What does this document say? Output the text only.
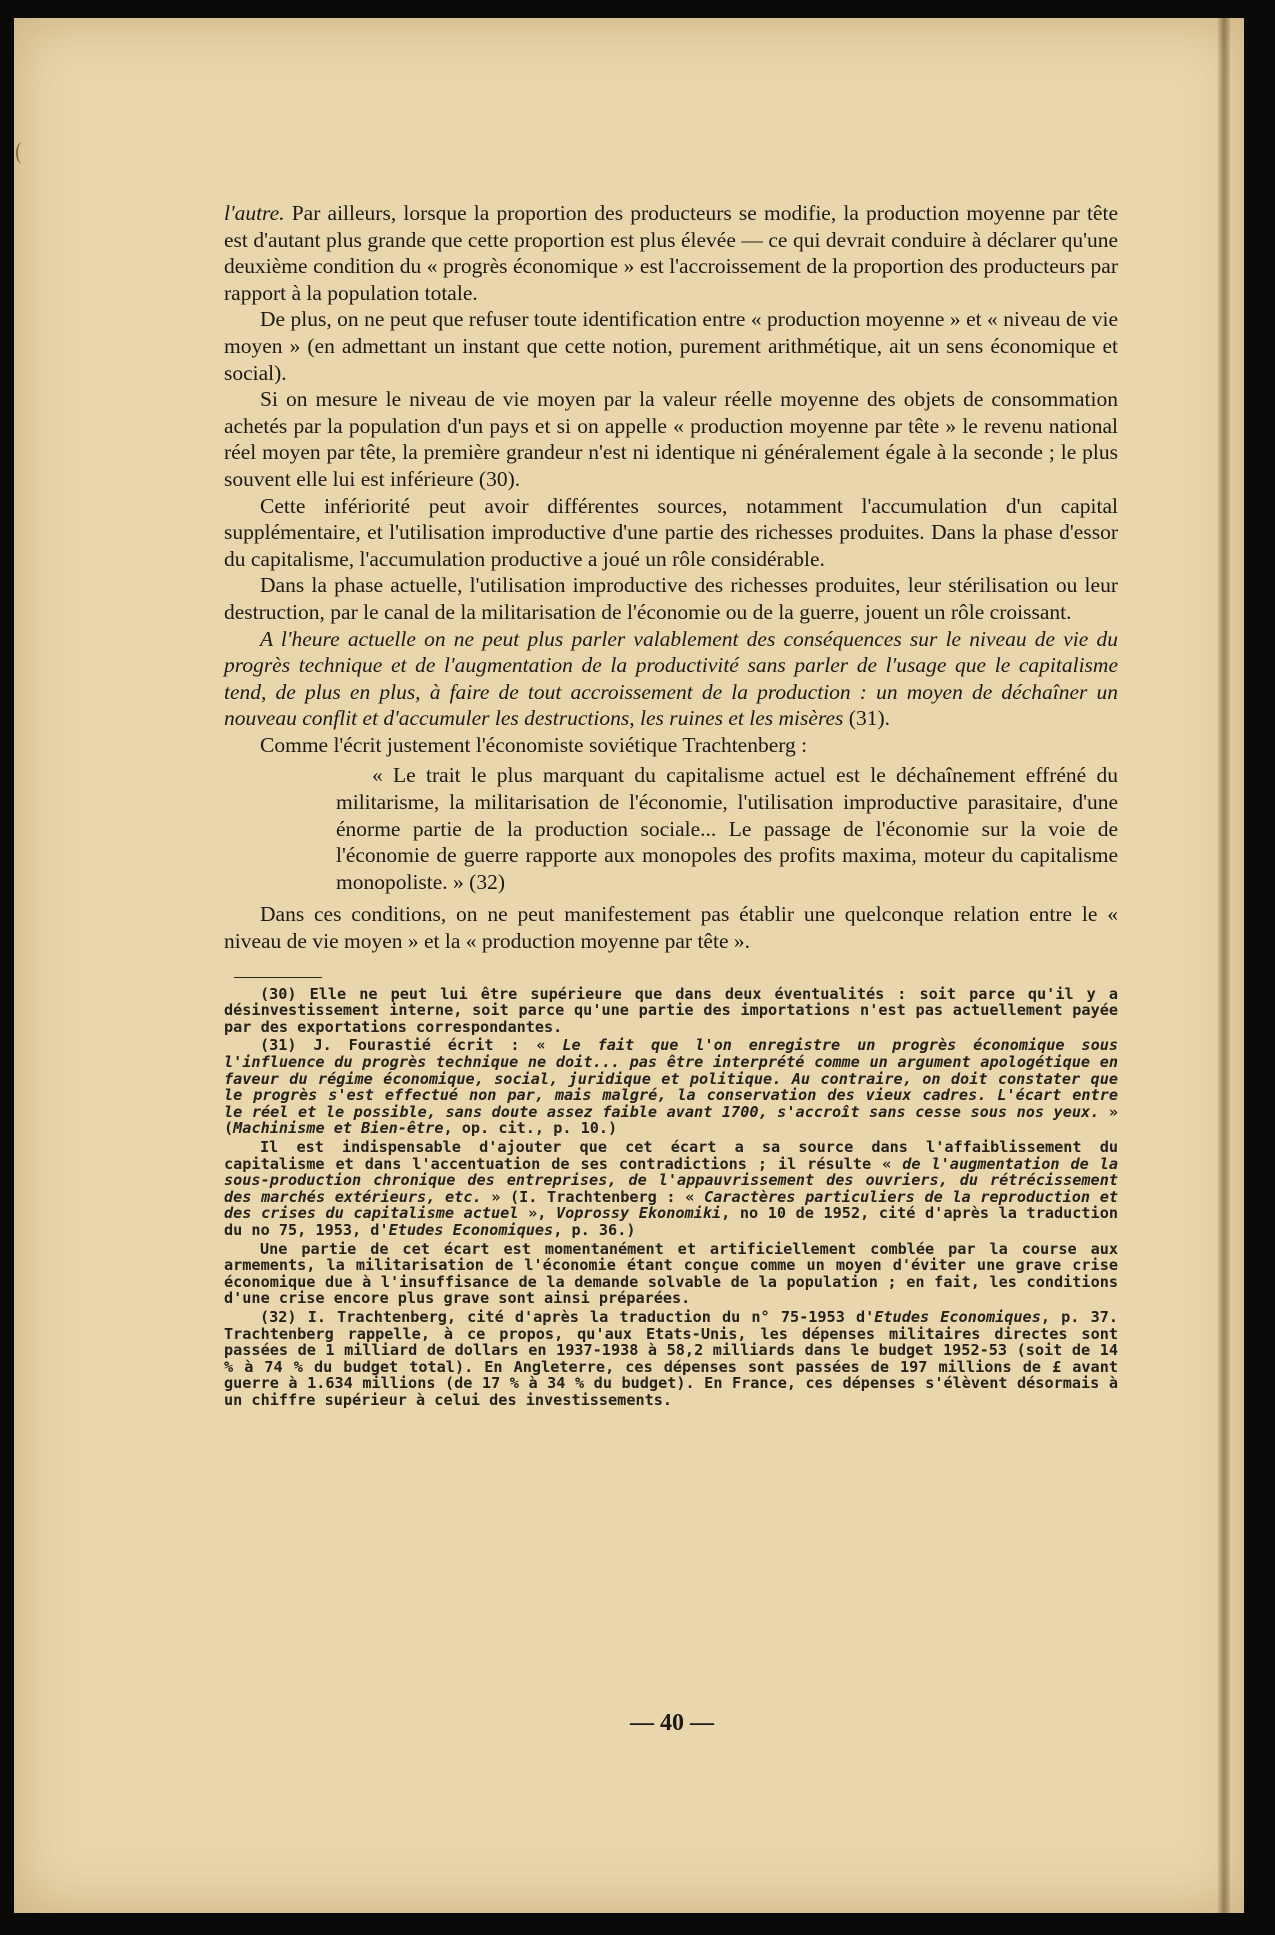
l'autre. Par ailleurs, lorsque la proportion des producteurs se modifie, la production moyenne par tête est d'autant plus grande que cette proportion est plus élevée — ce qui devrait conduire à déclarer qu'une deuxième condition du « progrès économique » est l'accroissement de la proportion des producteurs par rapport à la population totale.

De plus, on ne peut que refuser toute identification entre « production moyenne » et « niveau de vie moyen » (en admettant un instant que cette notion, purement arithmétique, ait un sens économique et social).

Si on mesure le niveau de vie moyen par la valeur réelle moyenne des objets de consommation achetés par la population d'un pays et si on appelle « production moyenne par tête » le revenu national réel moyen par tête, la première grandeur n'est ni identique ni généralement égale à la seconde ; le plus souvent elle lui est inférieure (30).

Cette infériorité peut avoir différentes sources, notamment l'accumulation d'un capital supplémentaire, et l'utilisation improductive d'une partie des richesses produites. Dans la phase d'essor du capitalisme, l'accumulation productive a joué un rôle considérable.

Dans la phase actuelle, l'utilisation improductive des richesses produites, leur stérilisation ou leur destruction, par le canal de la militarisation de l'économie ou de la guerre, jouent un rôle croissant.

A l'heure actuelle on ne peut plus parler valablement des conséquences sur le niveau de vie du progrès technique et de l'augmentation de la productivité sans parler de l'usage que le capitalisme tend, de plus en plus, à faire de tout accroissement de la production : un moyen de déchaîner un nouveau conflit et d'accumuler les destructions, les ruines et les misères (31).

Comme l'écrit justement l'économiste soviétique Trachtenberg :

« Le trait le plus marquant du capitalisme actuel est le déchaînement effréné du militarisme, la militarisation de l'économie, l'utilisation improductive parasitaire, d'une énorme partie de la production sociale... Le passage de l'économie sur la voie de l'économie de guerre rapporte aux monopoles des profits maxima, moteur du capitalisme monopoliste. » (32)

Dans ces conditions, on ne peut manifestement pas établir une quelconque relation entre le « niveau de vie moyen » et la « production moyenne par tête ».

(30) Elle ne peut lui être supérieure que dans deux éventualités : soit parce qu'il y a désinvestissement interne, soit parce qu'une partie des importations n'est pas actuellement payée par des exportations correspondantes.

(31) J. Fourastié écrit : « Le fait que l'on enregistre un progrès économique sous l'influence du progrès technique ne doit... pas être interprété comme un argument apologétique en faveur du régime économique, social, juridique et politique. Au contraire, on doit constater que le progrès s'est effectué non par, mais malgré, la conservation des vieux cadres. L'écart entre le réel et le possible, sans doute assez faible avant 1700, s'accroît sans cesse sous nos yeux. » (Machinisme et Bien-être, op. cit., p. 10.)

Il est indispensable d'ajouter que cet écart a sa source dans l'affaiblissement du capitalisme et dans l'accentuation de ses contradictions ; il résulte « de l'augmentation de la sous-production chronique des entreprises, de l'appauvrissement des ouvriers, du rétrécissement des marchés extérieurs, etc. » (I. Trachtenberg : « Caractères particuliers de la reproduction et des crises du capitalisme actuel », Voprossy Ekonomiki, no 10 de 1952, cité d'après la traduction du no 75, 1953, d'Etudes Economiques, p. 36.)

Une partie de cet écart est momentanément et artificiellement comblée par la course aux armements, la militarisation de l'économie étant conçue comme un moyen d'éviter une grave crise économique due à l'insuffisance de la demande solvable de la population ; en fait, les conditions d'une crise encore plus grave sont ainsi préparées.

(32) I. Trachtenberg, cité d'après la traduction du n° 75-1953 d'Etudes Economiques, p. 37. Trachtenberg rappelle, à ce propos, qu'aux Etats-Unis, les dépenses militaires directes sont passées de 1 milliard de dollars en 1937-1938 à 58,2 milliards dans le budget 1952-53 (soit de 14 % à 74 % du budget total). En Angleterre, ces dépenses sont passées de 197 millions de £ avant guerre à 1.634 millions (de 17 % à 34 % du budget). En France, ces dépenses s'élèvent désormais à un chiffre supérieur à celui des investissements.

— 40 —
